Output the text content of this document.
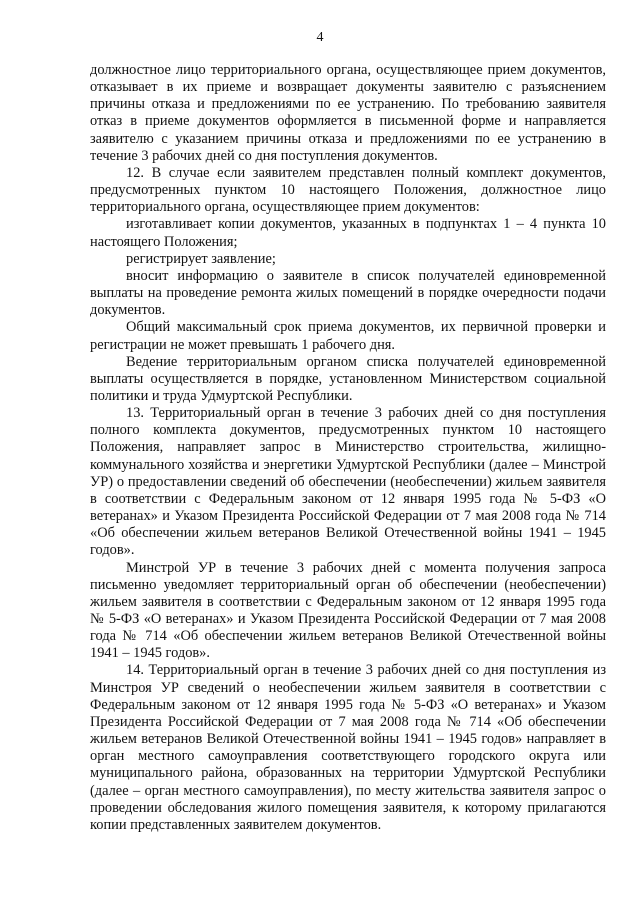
4

должностное лицо территориального органа, осуществляющее прием документов, отказывает в их приеме и возвращает документы заявителю с разъяснением причины отказа и предложениями по ее устранению. По требованию заявителя отказ в приеме документов оформляется в письменной форме и направляется заявителю с указанием причины отказа и предложениями по ее устранению в течение 3 рабочих дней со дня поступления документов.

12. В случае если заявителем представлен полный комплект документов, предусмотренных пунктом 10 настоящего Положения, должностное лицо территориального органа, осуществляющее прием документов:

изготавливает копии документов, указанных в подпунктах 1 – 4 пункта 10 настоящего Положения;

регистрирует заявление;

вносит информацию о заявителе в список получателей единовременной выплаты на проведение ремонта жилых помещений в порядке очередности подачи документов.

Общий максимальный срок приема документов, их первичной проверки и регистрации не может превышать 1 рабочего дня.

Ведение территориальным органом списка получателей единовременной выплаты осуществляется в порядке, установленном Министерством социальной политики и труда Удмуртской Республики.

13. Территориальный орган в течение 3 рабочих дней со дня поступления полного комплекта документов, предусмотренных пунктом 10 настоящего Положения, направляет запрос в Министерство строительства, жилищно-коммунального хозяйства и энергетики Удмуртской Республики (далее – Минстрой УР) о предоставлении сведений об обеспечении (необеспечении) жильем заявителя в соответствии с Федеральным законом от 12 января 1995 года № 5-ФЗ «О ветеранах» и Указом Президента Российской Федерации от 7 мая 2008 года № 714 «Об обеспечении жильем ветеранов Великой Отечественной войны 1941 – 1945 годов».

Минстрой УР в течение 3 рабочих дней с момента получения запроса письменно уведомляет территориальный орган об обеспечении (необеспечении) жильем заявителя в соответствии с Федеральным законом от 12 января 1995 года № 5-ФЗ «О ветеранах» и Указом Президента Российской Федерации от 7 мая 2008 года № 714 «Об обеспечении жильем ветеранов Великой Отечественной войны 1941 – 1945 годов».

14. Территориальный орган в течение 3 рабочих дней со дня поступления из Минстроя УР сведений о необеспечении жильем заявителя в соответствии с Федеральным законом от 12 января 1995 года № 5-ФЗ «О ветеранах» и Указом Президента Российской Федерации от 7 мая 2008 года № 714 «Об обеспечении жильем ветеранов Великой Отечественной войны 1941 – 1945 годов» направляет в орган местного самоуправления соответствующего городского округа или муниципального района, образованных на территории Удмуртской Республики (далее – орган местного самоуправления), по месту жительства заявителя запрос о проведении обследования жилого помещения заявителя, к которому прилагаются копии представленных заявителем документов.
